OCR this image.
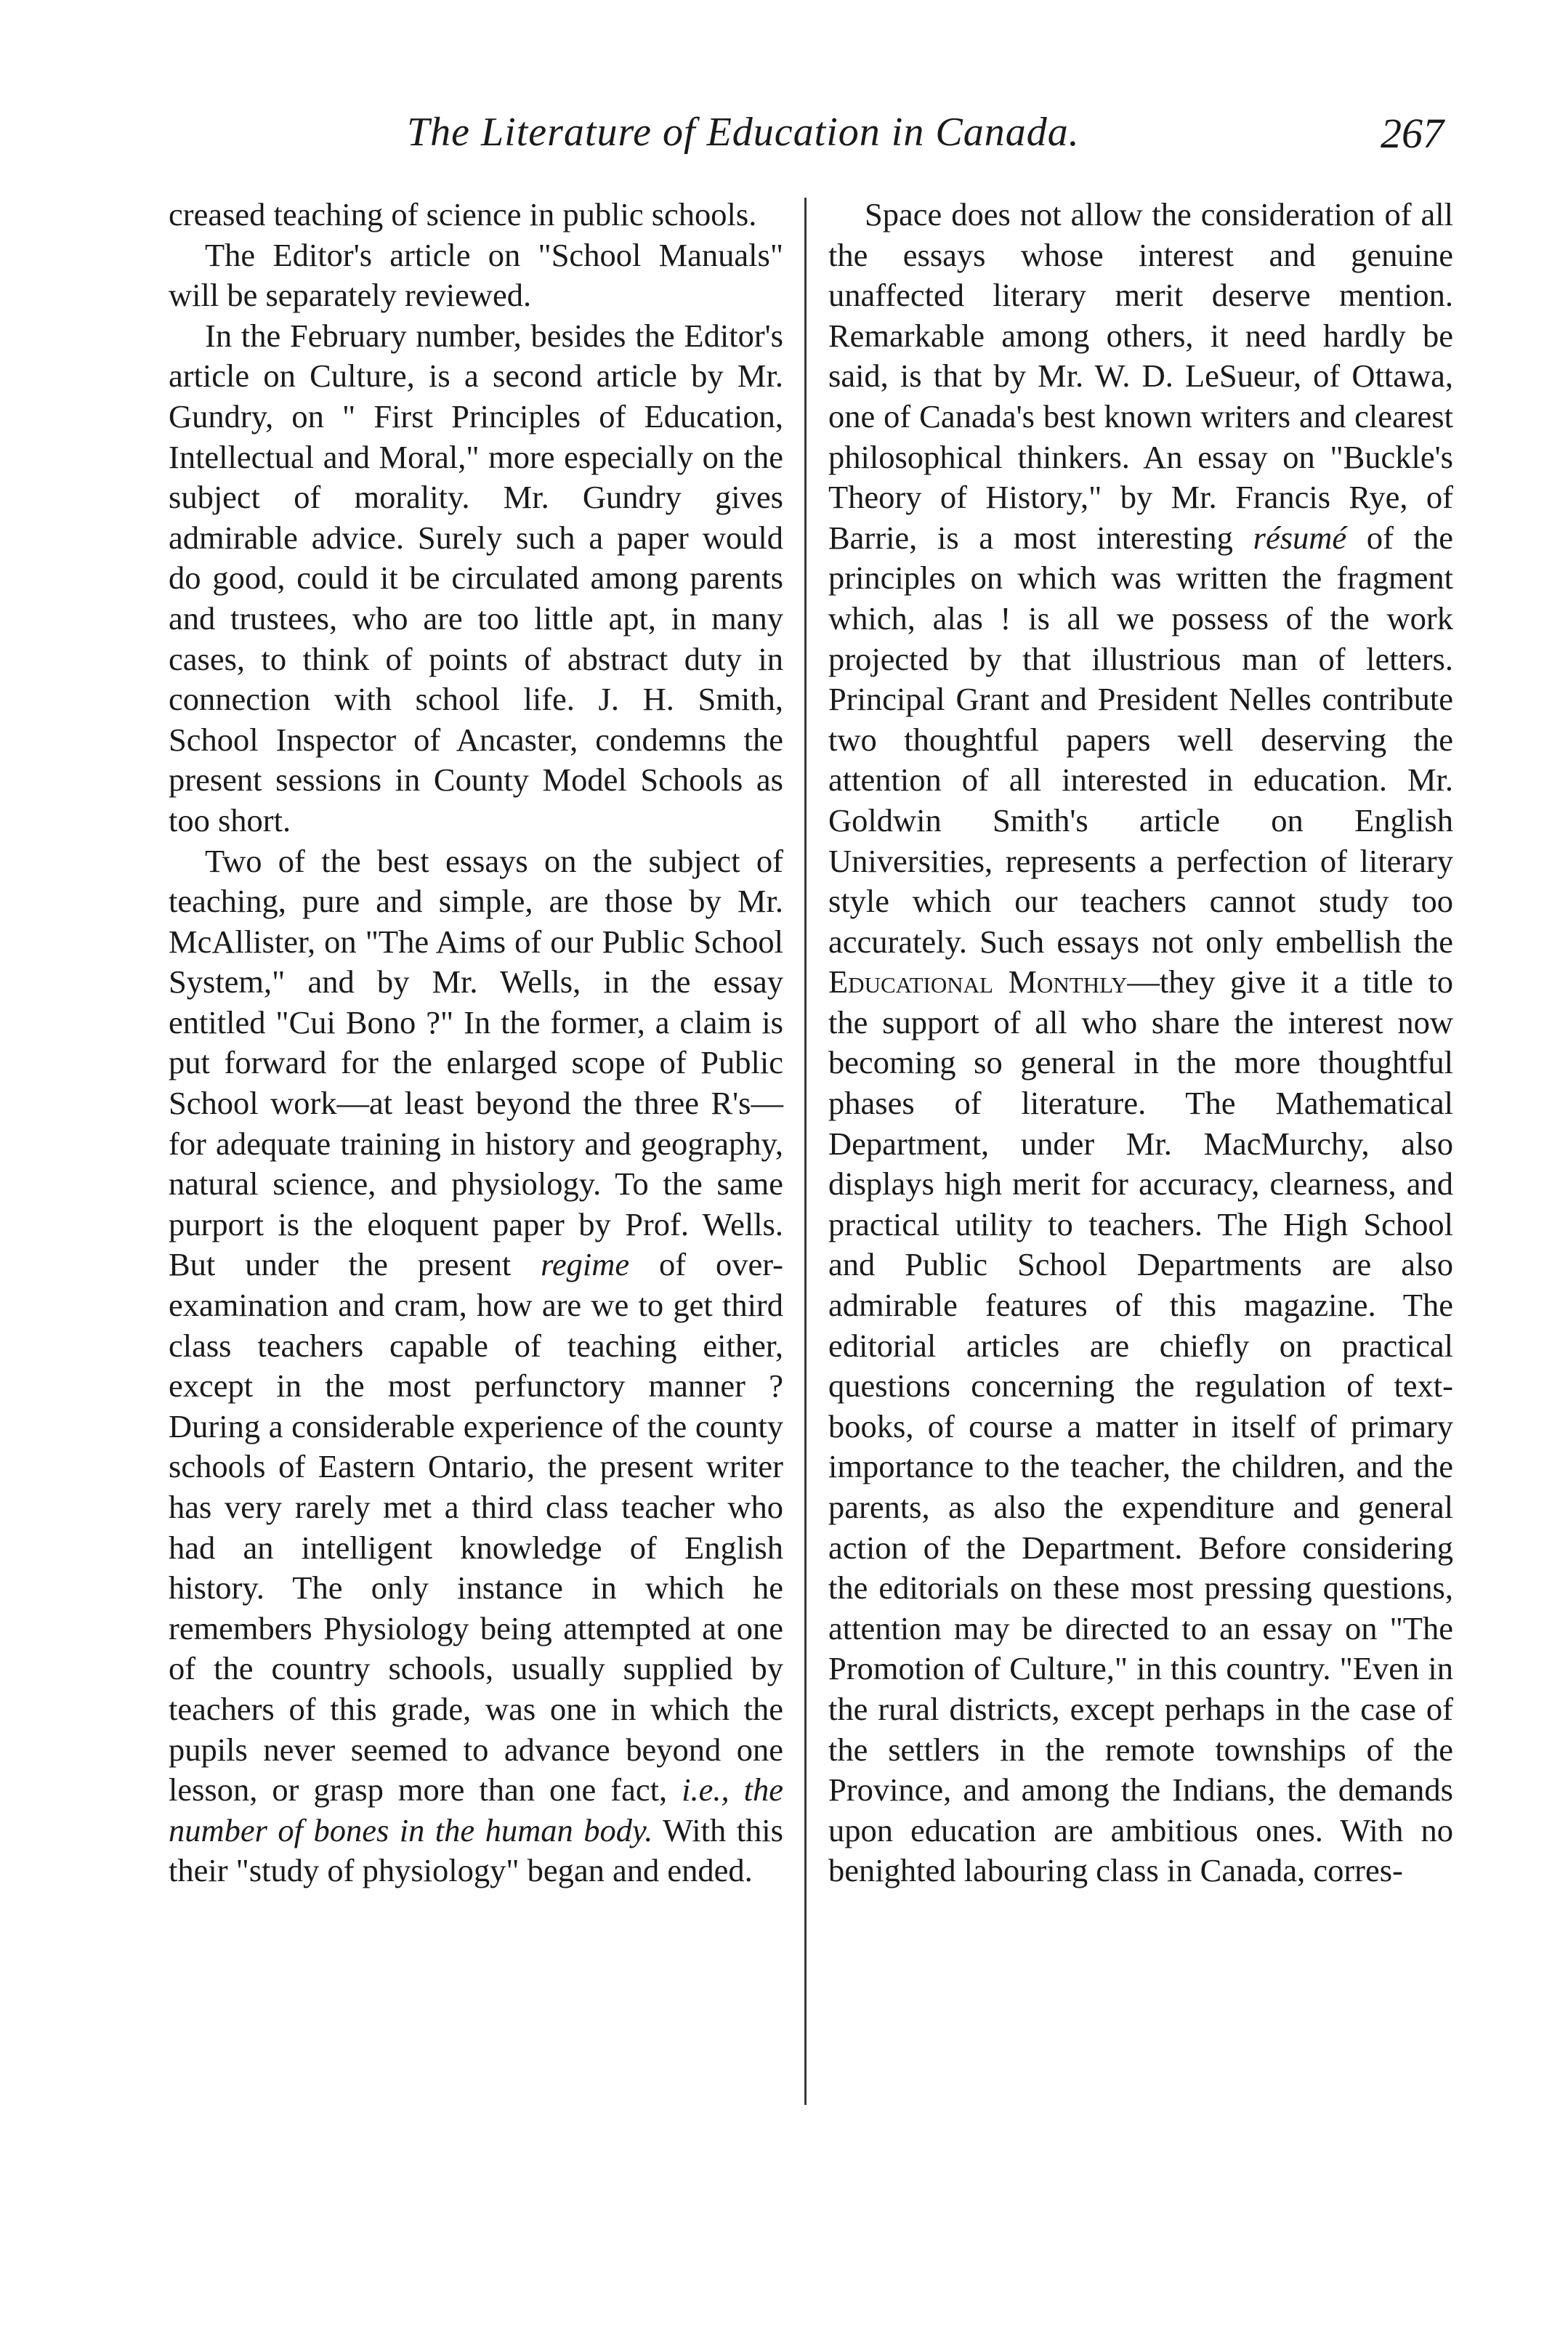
The Literature of Education in Canada.	267

creased teaching of science in public schools.

The Editor's article on "School Manuals" will be separately reviewed.

In the February number, besides the Editor's article on Culture, is a second article by Mr. Gundry, on " First Principles of Education, Intellectual and Moral," more especially on the subject of morality. Mr. Gundry gives admirable advice. Surely such a paper would do good, could it be circulated among parents and trustees, who are too little apt, in many cases, to think of points of abstract duty in connection with school life. J. H. Smith, School Inspector of Ancaster, condemns the present sessions in County Model Schools as too short.

Two of the best essays on the subject of teaching, pure and simple, are those by Mr. McAllister, on "The Aims of our Public School System," and by Mr. Wells, in the essay entitled "Cui Bono ?" In the former, a claim is put forward for the enlarged scope of Public School work—at least beyond the three R's—for adequate training in history and geography, natural science, and physiology. To the same purport is the eloquent paper by Prof. Wells. But under the present regime of over-examination and cram, how are we to get third class teachers capable of teaching either, except in the most perfunctory manner ? During a considerable experience of the county schools of Eastern Ontario, the present writer has very rarely met a third class teacher who had an intelligent knowledge of English history. The only instance in which he remembers Physiology being attempted at one of the country schools, usually supplied by teachers of this grade, was one in which the pupils never seemed to advance beyond one lesson, or grasp more than one fact, i.e., the number of bones in the human body. With this their "study of physiology" began and ended.

Space does not allow the consideration of all the essays whose interest and genuine unaffected literary merit deserve mention. Remarkable among others, it need hardly be said, is that by Mr. W. D. LeSueur, of Ottawa, one of Canada's best known writers and clearest philosophical thinkers. An essay on "Buckle's Theory of History," by Mr. Francis Rye, of Barrie, is a most interesting résumé of the principles on which was written the fragment which, alas ! is all we possess of the work projected by that illustrious man of letters. Principal Grant and President Nelles contribute two thoughtful papers well deserving the attention of all interested in education. Mr. Goldwin Smith's article on English Universities, represents a perfection of literary style which our teachers cannot study too accurately. Such essays not only embellish the Educational Monthly—they give it a title to the support of all who share the interest now becoming so general in the more thoughtful phases of literature. The Mathematical Department, under Mr. MacMurchy, also displays high merit for accuracy, clearness, and practical utility to teachers. The High School and Public School Departments are also admirable features of this magazine. The editorial articles are chiefly on practical questions concerning the regulation of text-books, of course a matter in itself of primary importance to the teacher, the children, and the parents, as also the expenditure and general action of the Department. Before considering the editorials on these most pressing questions, attention may be directed to an essay on "The Promotion of Culture," in this country. "Even in the rural districts, except perhaps in the case of the settlers in the remote townships of the Province, and among the Indians, the demands upon education are ambitious ones. With no benighted labouring class in Canada, corres-
